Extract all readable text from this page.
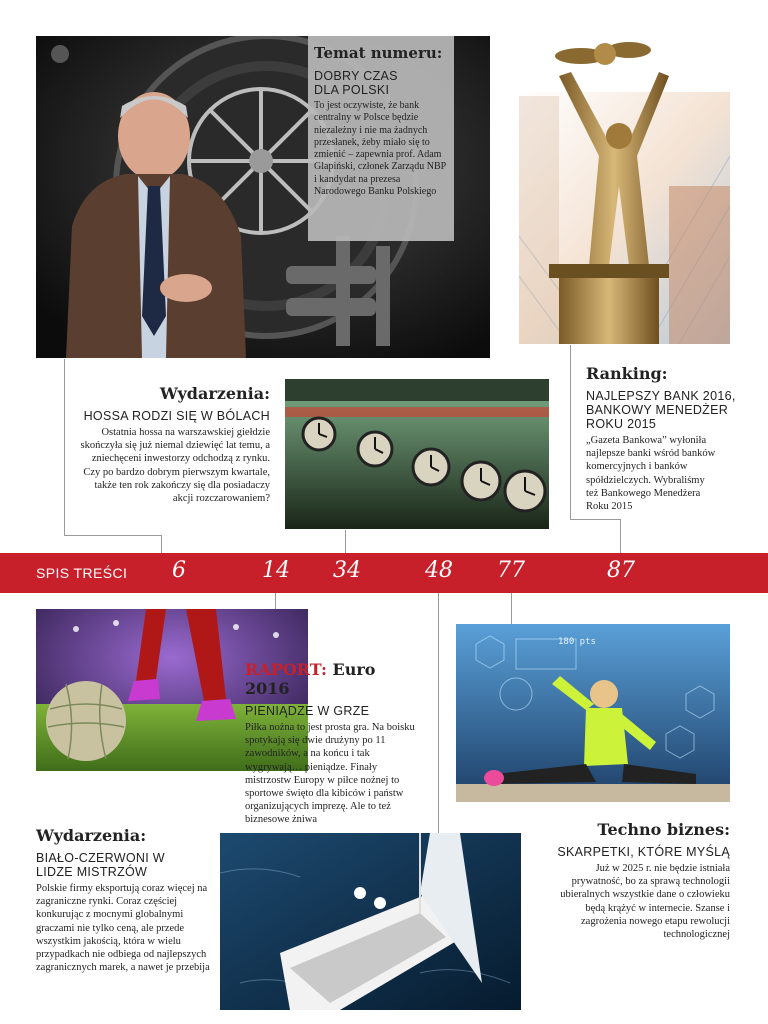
180 pts
SPIS TREŚCI 6	14 34	48 77	87
Temat numeru:
DOBRY CZAS DLA POLSKI
To jest oczywiste, że bank centralny w Polsce będzie niezależny i nie ma żadnych przesłanek, żeby miało się to zmienić – zapewnia prof. Adam Glapiński, członek Zarządu NBP i kandydat na prezesa Narodowego Banku Polskiego
Wydarzenia:
HOSSA RODZI SIĘ W BÓLACH
Ostatnia hossa na warszawskiej giełdzie skończyła się już niemal dziewięć lat temu, a zniechęceni inwestorzy odchodzą z rynku. Czy po bardzo dobrym pierwszym kwartale, także ten rok zakończy się dla posiadaczy akcji rozczarowaniem?
Ranking:
NAJLEPSZY BANK 2016, BANKOWY MENEDŻER ROKU 2015
„Gazeta Bankowa” wyłoniła najlepsze banki wśród banków komercyjnych i banków spółdzielczych. Wybraliśmy też Bankowego Menedżera Roku 2015
RAPORT: Euro 2016
PIENIĄDZE W GRZE
Piłka nożna to jest prosta gra. Na boisku spotykają się dwie drużyny po 11 zawodników, a na końcu i tak wygrywają… pieniądze. Finały mistrzostw Europy w piłce nożnej to sportowe święto dla kibiców i państw organizujących imprezę. Ale to też biznesowe żniwa
Wydarzenia:
BIAŁO-CZERWONI W LIDZE MISTRZÓW
Polskie firmy eksportują coraz więcej na zagraniczne rynki. Coraz częściej konkurując z mocnymi globalnymi graczami nie tylko ceną, ale przede wszystkim jakością, która w wielu przypadkach nie odbiega od najlepszych zagranicznych marek, a nawet je przebija
Techno biznes:
SKARPETKI, KTÓRE MYŚLĄ
Już w 2025 r. nie będzie istniała prywatność, bo za sprawą technologii ubieralnych wszystkie dane o człowieku będą krążyć w internecie. Szanse i zagrożenia nowego etapu rewolucji technologicznej
